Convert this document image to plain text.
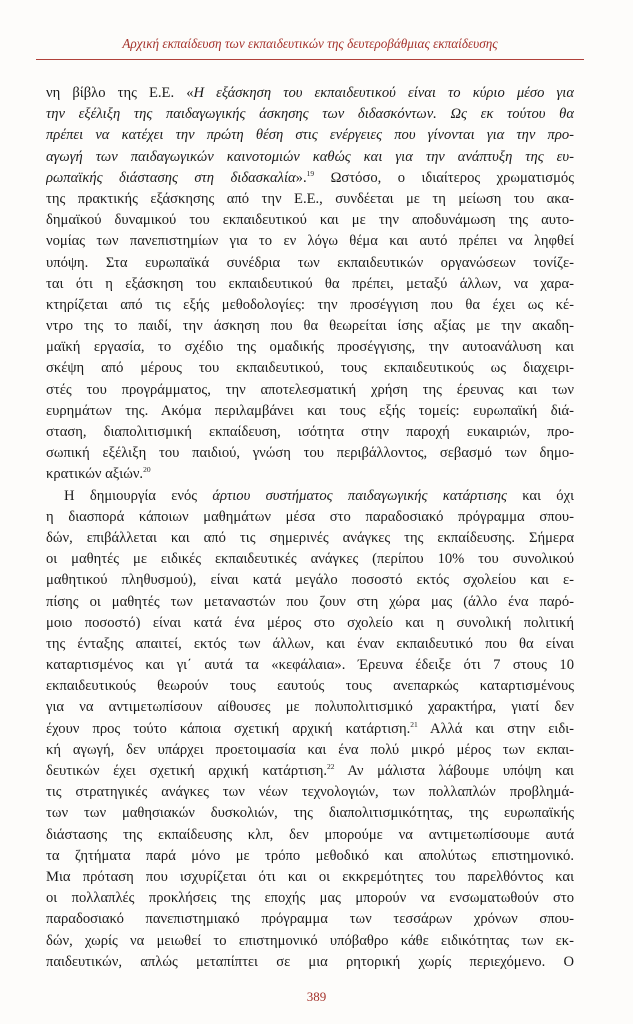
Αρχική εκπαίδευση των εκπαιδευτικών της δευτεροβάθμιας εκπαίδευσης
νη βίβλο της Ε.Ε. «Η εξάσκηση του εκπαιδευτικού είναι το κύριο μέσο για
την εξέλιξη της παιδαγωγικής άσκησης των διδασκόντων. Ως εκ τούτου θα
πρέπει να κατέχει την πρώτη θέση στις ενέργειες που γίνονται για την προ-
αγωγή των παιδαγωγικών καινοτομιών καθώς και για την ανάπτυξη της ευ-
ρωπαϊκής διάστασης στη διδασκαλία».$^{19}$ Ωστόσο, ο ιδιαίτερος χρωματισμός
της πρακτικής εξάσκησης από την Ε.Ε., συνδέεται με τη μείωση του ακα-
δημαϊκού δυναμικού του εκπαιδευτικού και με την αποδυνάμωση της αυτο-
νομίας των πανεπιστημίων για το εν λόγω θέμα και αυτό πρέπει να ληφθεί
υπόψη. Στα ευρωπαϊκά συνέδρια των εκπαιδευτικών οργανώσεων τονίζε-
ται ότι η εξάσκηση του εκπαιδευτικού θα πρέπει, μεταξύ άλλων, να χαρα-
κτηρίζεται από τις εξής μεθοδολογίες: την προσέγγιση που θα έχει ως κέ-
ντρο της το παιδί, την άσκηση που θα θεωρείται ίσης αξίας με την ακαδη-
μαϊκή εργασία, το σχέδιο της ομαδικής προσέγγισης, την αυτοανάλυση και
σκέψη από μέρους του εκπαιδευτικού, τους εκπαιδευτικούς ως διαχειρι-
στές του προγράμματος, την αποτελεσματική χρήση της έρευνας και των
ευρημάτων της. Ακόμα περιλαμβάνει και τους εξής τομείς: ευρωπαϊκή διά-
σταση, διαπολιτισμική εκπαίδευση, ισότητα στην παροχή ευκαιριών, προ-
σωπική εξέλιξη του παιδιού, γνώση του περιβάλλοντος, σεβασμό των δημο-
κρατικών αξιών.$^{20}$
Η δημιουργία ενός άρτιου συστήματος παιδαγωγικής κατάρτισης και όχι
η διασπορά κάποιων μαθημάτων μέσα στο παραδοσιακό πρόγραμμα σπου-
δών, επιβάλλεται και από τις σημερινές ανάγκες της εκπαίδευσης. Σήμερα
οι μαθητές με ειδικές εκπαιδευτικές ανάγκες (περίπου 10% του συνολικού
μαθητικού πληθυσμού), είναι κατά μεγάλο ποσοστό εκτός σχολείου και ε-
πίσης οι μαθητές των μεταναστών που ζουν στη χώρα μας (άλλο ένα παρό-
μοιο ποσοστό) είναι κατά ένα μέρος στο σχολείο και η συνολική πολιτική
της ένταξης απαιτεί, εκτός των άλλων, και έναν εκπαιδευτικό που θα είναι
καταρτισμένος και γι΄ αυτά τα «κεφάλαια». Έρευνα έδειξε ότι 7 στους 10
εκπαιδευτικούς θεωρούν τους εαυτούς τους ανεπαρκώς καταρτισμένους
για να αντιμετωπίσουν αίθουσες με πολυπολιτισμικό χαρακτήρα, γιατί δεν
έχουν προς τούτο κάποια σχετική αρχική κατάρτιση.$^{21}$ Αλλά και στην ειδι-
κή αγωγή, δεν υπάρχει προετοιμασία και ένα πολύ μικρό μέρος των εκπαι-
δευτικών έχει σχετική αρχική κατάρτιση.$^{22}$ Αν μάλιστα λάβουμε υπόψη και
τις στρατηγικές ανάγκες των νέων τεχνολογιών, των πολλαπλών προβλημά-
των των μαθησιακών δυσκολιών, της διαπολιτισμικότητας, της ευρωπαϊκής
διάστασης της εκπαίδευσης κλπ, δεν μπορούμε να αντιμετωπίσουμε αυτά
τα ζητήματα παρά μόνο με τρόπο μεθοδικό και απολύτως επιστημονικό.
Μια πρόταση που ισχυρίζεται ότι και οι εκκρεμότητες του παρελθόντος και
οι πολλαπλές προκλήσεις της εποχής μας μπορούν να ενσωματωθούν στο
παραδοσιακό πανεπιστημιακό πρόγραμμα των τεσσάρων χρόνων σπου-
δών, χωρίς να μειωθεί το επιστημονικό υπόβαθρο κάθε ειδικότητας των εκ-
παιδευτικών, απλώς μεταπίπτει σε μια ρητορική χωρίς περιεχόμενο. Ο
389
